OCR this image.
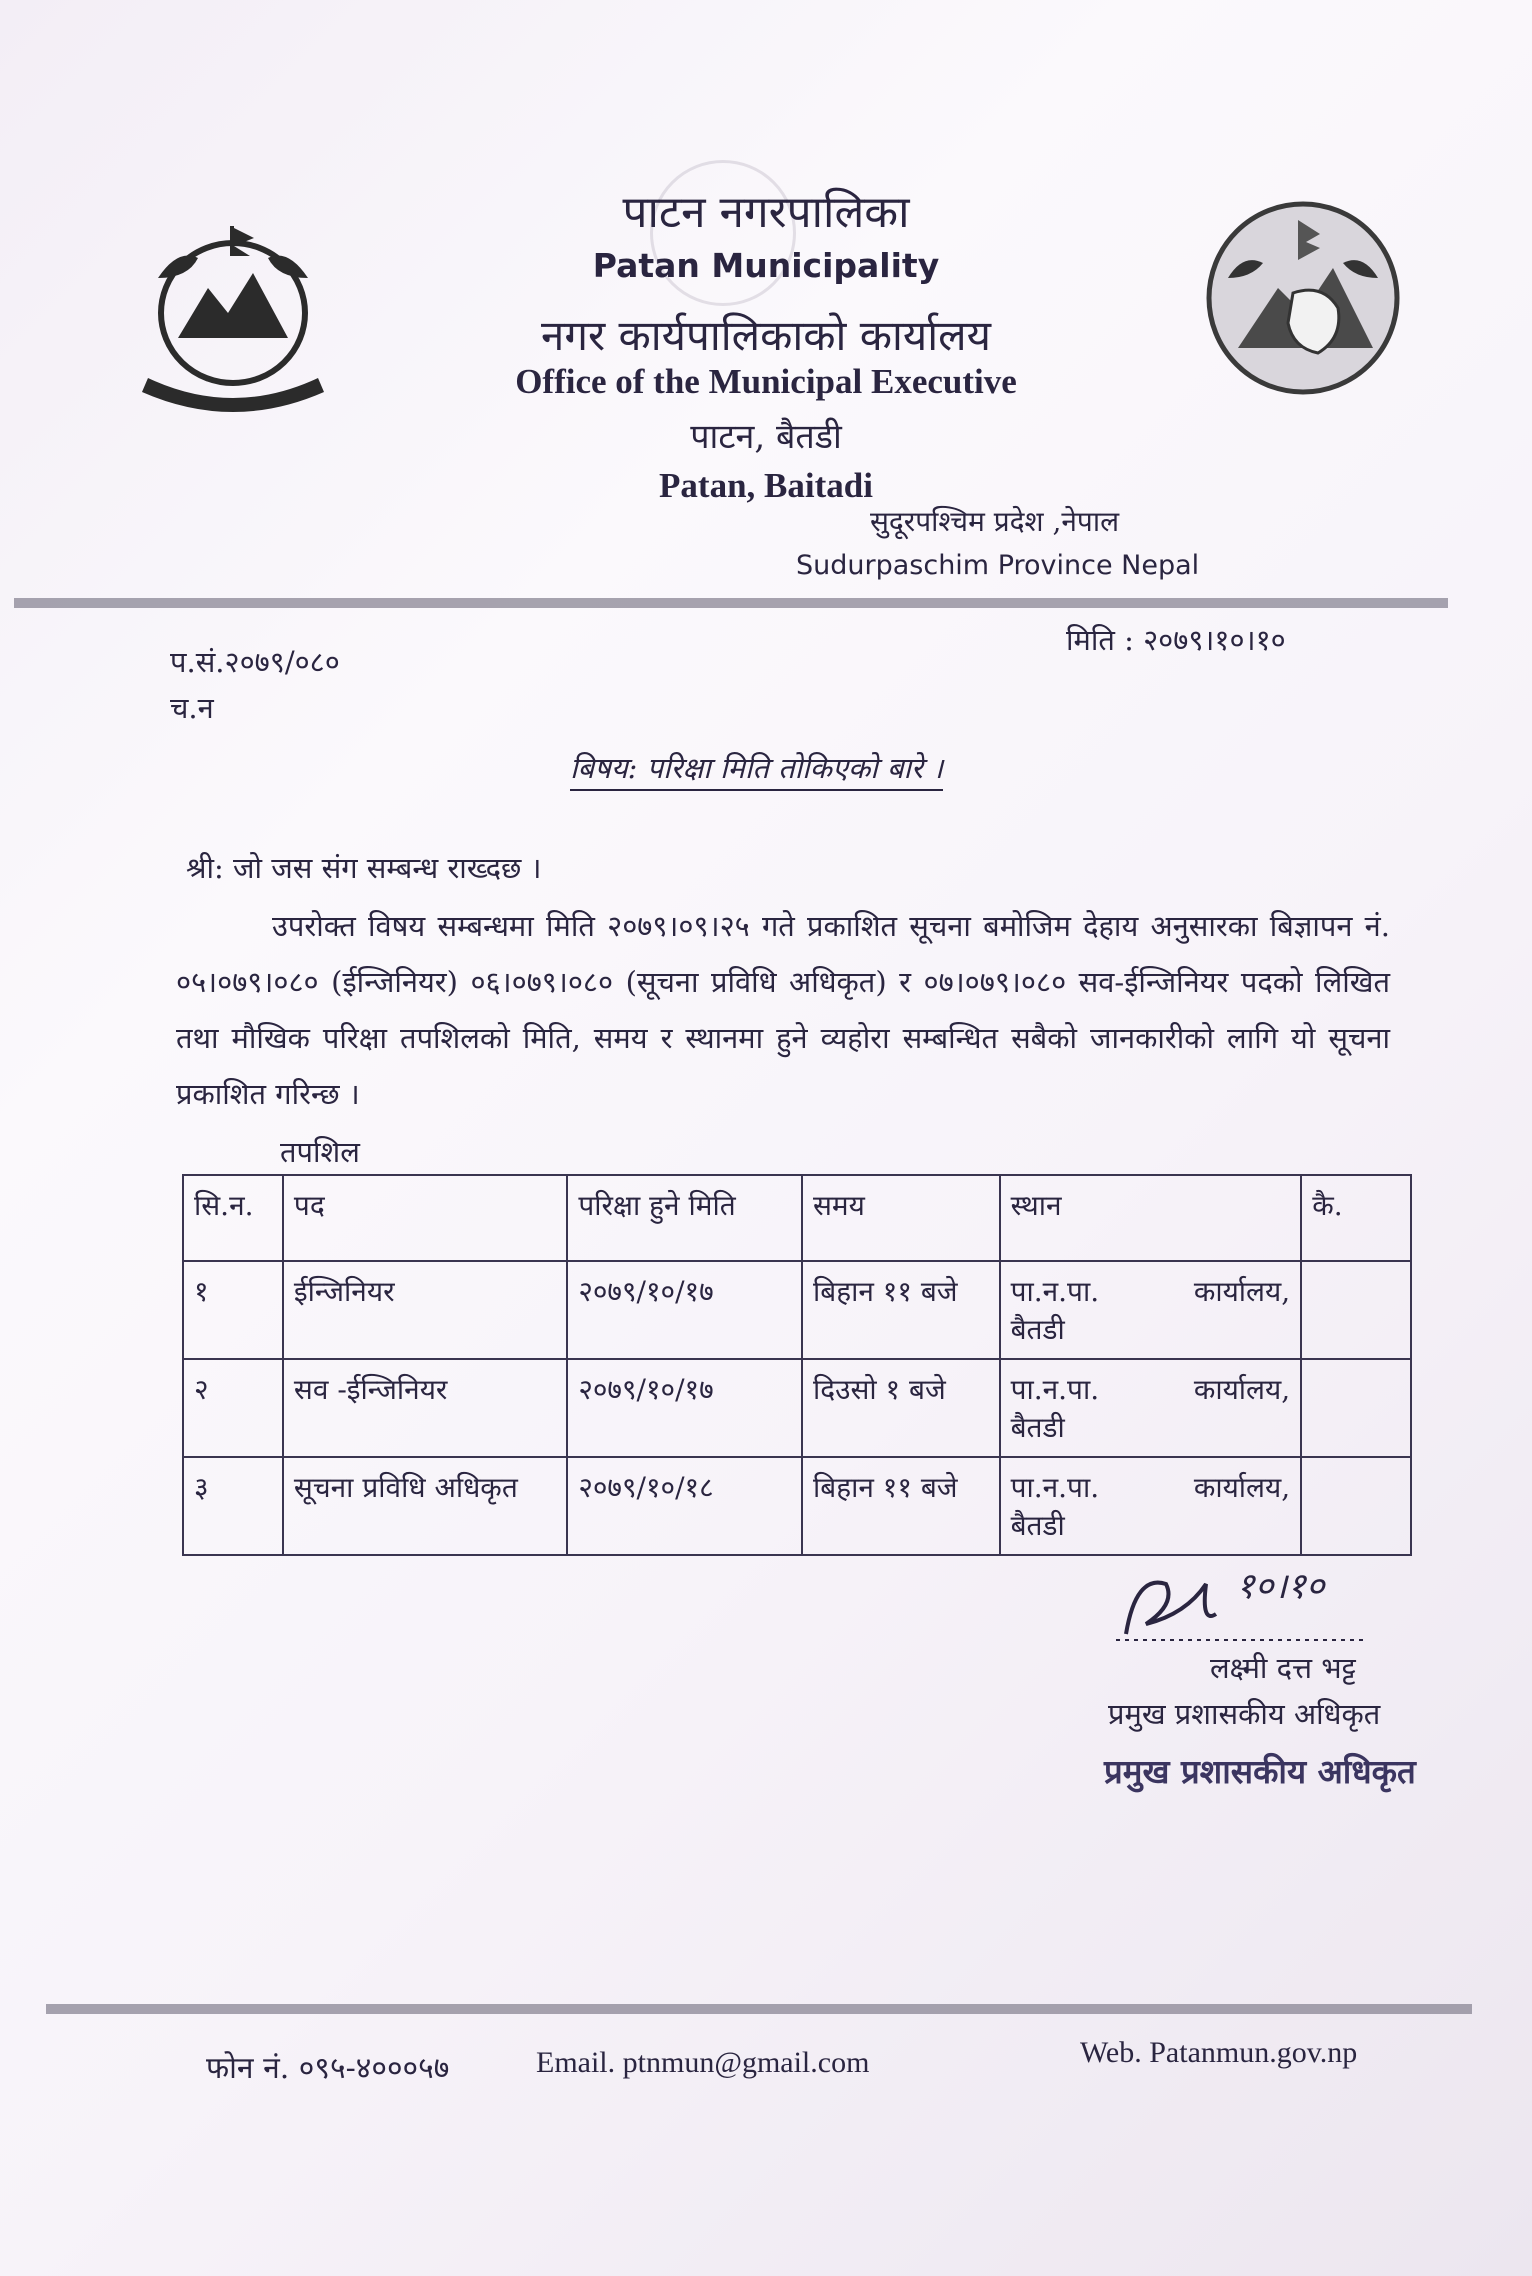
पाटन नगरपालिका
Patan Municipality
नगर कार्यपालिकाको कार्यालय
Office of the Municipal Executive
पाटन, बैतडी
Patan, Baitadi
सुदूरपश्चिम प्रदेश ,नेपाल
Sudurpaschim Province Nepal
प.सं.२०७९/०८०
च.न
मिति : २०७९।१०।१०
बिषय: परिक्षा मिति तोकिएको बारे ।
श्री: जो जस संग सम्बन्ध राख्दछ ।
उपरोक्त विषय सम्बन्धमा मिति २०७९।०९।२५ गते प्रकाशित सूचना बमोजिम देहाय अनुसारका बिज्ञापन नं. ०५।०७९।०८० (ईन्जिनियर) ०६।०७९।०८० (सूचना प्रविधि अधिकृत) र ०७।०७९।०८० सव-ईन्जिनियर पदको लिखित तथा मौखिक परिक्षा तपशिलको मिति, समय र स्थानमा हुने व्यहोरा सम्बन्धित सबैको जानकारीको लागि यो सूचना प्रकाशित गरिन्छ ।
तपशिल
सि.न.	पद	परिक्षा हुने मिति	समय	स्थान	कै.
१	ईन्जिनियर	२०७९/१०/१७	बिहान ११ बजे	पा.न.पा. कार्यालय,
बैतडी	

२	सव -ईन्जिनियर	२०७९/१०/१७	दिउसो १ बजे	पा.न.पा. कार्यालय,
बैतडी	

३	सूचना प्रविधि अधिकृत	२०७९/१०/१८	बिहान ११ बजे	पा.न.पा. कार्यालय,
बैतडी	

१०।१०
लक्ष्मी दत्त भट्ट
प्रमुख प्रशासकीय अधिकृत
प्रमुख प्रशासकीय अधिकृत
फोन नं. ०९५-४०००५७	Email. ptnmun@gmail.com	Web. Patanmun.gov.np
